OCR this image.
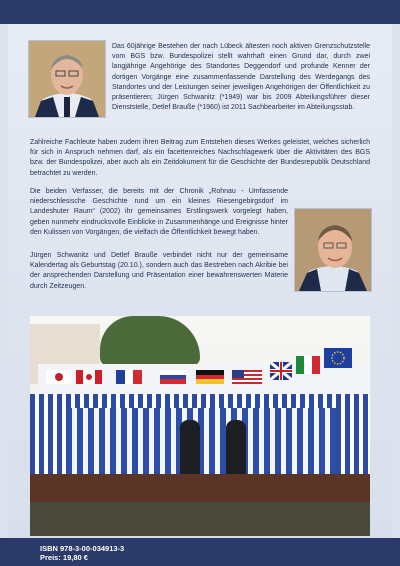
Das 60jährige Bestehen der nach Lübeck ältesten noch aktiven Grenzschutzstelle vom BGS bzw. Bundespolizei stellt wahrhaft einen Grund dar, durch zwei langjährige Angehörige des Standortes Deggendorf und profunde Kenner der dortigen Vorgänge eine zusammenfassende Darstellung des Werdegangs des Standortes und der Leistungen seiner jeweiligen Angehörigen der Öffentlichkeit zu präsentieren; Jürgen Schwanitz (*1949) war bis 2009 Abteilungsführer dieser Dienststelle, Detlef Braußе (*1960) ist 2011 Sachbearbeiter im Abteilungsstab.

Zahlreiche Fachleute haben zudem ihren Beitrag zum Entstehen dieses Werkes geleistet, welches sicherlich für sich in Anspruch nehmen darf, als ein facettenreiches Nachschlagewerk über die Aktivitäten des BGS bzw. der Bundespolizei, aber auch als ein Zeitdokument für die Geschichte der Bundesrepublik Deutschland betrachtet zu werden.

Die beiden Verfasser, die bereits mit der Chronik „Rohnau - Umfassende niederschlesische Geschichte rund um ein kleines Riesengebirgsdorf im Landeshuter Raum“ (2002) ihr gemeinsames Erstlingswerk vorgelegt haben, geben nunmehr eindrucksvolle Einblicke in Zusammenhänge und Ereignisse hinter den Kulissen von Vorgängen, die vielfach die Öffentlichkeit bewegt haben.

Jürgen Schwanitz und Detlef Brauße verbindet nicht nur der gemeinsame Kalendertag als Geburtstag (20.10.), sondern auch das Bestreben nach Akribie bei der ansprechenden Darstellung und Präsentation einer bewahrenswerten Materie durch Zeitzeugen.

ISBN 978-3-00-034913-3
Preis: 19,80 €
